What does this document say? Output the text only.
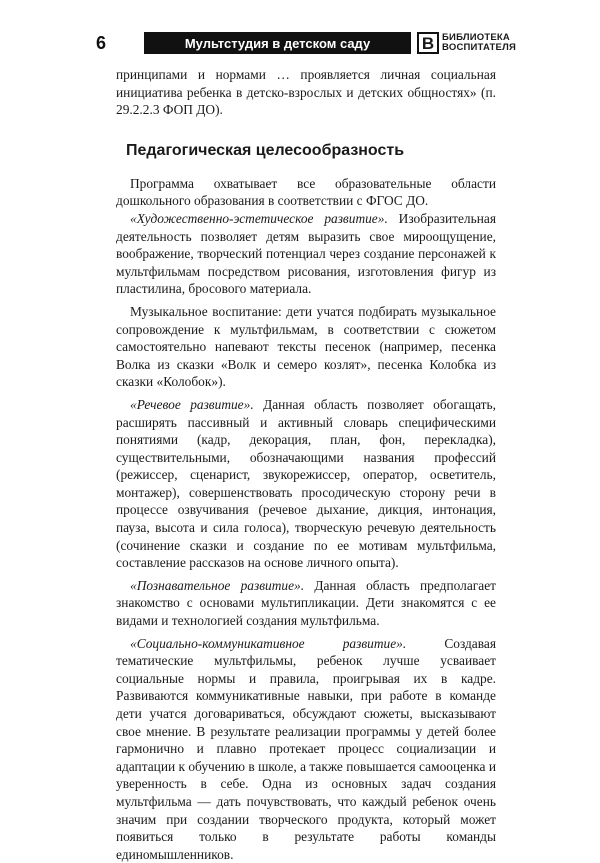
6	Мультстудия в детском саду	В БИБЛИОТЕКА
ВОСПИТАТЕЛЯ

принципами и нормами … проявляется личная социальная инициатива ребенка в детско-взрослых и детских общностях» (п. 29.2.2.3 ФОП ДО).

Педагогическая целесообразность

Программа охватывает все образовательные области дошкольного образования в соответствии с ФГОС ДО.

«Художественно-эстетическое развитие». Изобразительная деятельность позволяет детям выразить свое мироощущение, воображение, творческий потенциал через создание персонажей к мультфильмам посредством рисования, изготовления фигур из пластилина, бросового материала.

Музыкальное воспитание: дети учатся подбирать музыкальное сопровождение к мультфильмам, в соответствии с сюжетом самостоятельно напевают тексты песенок (например, песенка Волка из сказки «Волк и семеро козлят», песенка Колобка из сказки «Колобок»).

«Речевое развитие». Данная область позволяет обогащать, расширять пассивный и активный словарь специфическими понятиями (кадр, декорация, план, фон, перекладка), существительными, обозначающими названия профессий (режиссер, сценарист, звукорежиссер, оператор, осветитель, монтажер), совершенствовать просодическую сторону речи в процессе озвучивания (речевое дыхание, дикция, интонация, пауза, высота и сила голоса), творческую речевую деятельность (сочинение сказки и создание по ее мотивам мультфильма, составление рассказов на основе личного опыта).

«Познавательное развитие». Данная область предполагает знакомство с основами мультипликации. Дети знакомятся с ее видами и технологией создания мультфильма.

«Социально-коммуникативное развитие». Создавая тематические мультфильмы, ребенок лучше усваивает социальные нормы и правила, проигрывая их в кадре. Развиваются коммуникативные навыки, при работе в команде дети учатся договариваться, обсуждают сюжеты, высказывают свое мнение. В результате реализации программы у детей более гармонично и плавно протекает процесс социализации и адаптации к обучению в школе, а также повышается самооценка и уверенность в себе. Одна из основных задач создания мультфильма — дать почувствовать, что каждый ребенок очень значим при создании творческого продукта, который может появиться только в результате работы команды единомышленников.
